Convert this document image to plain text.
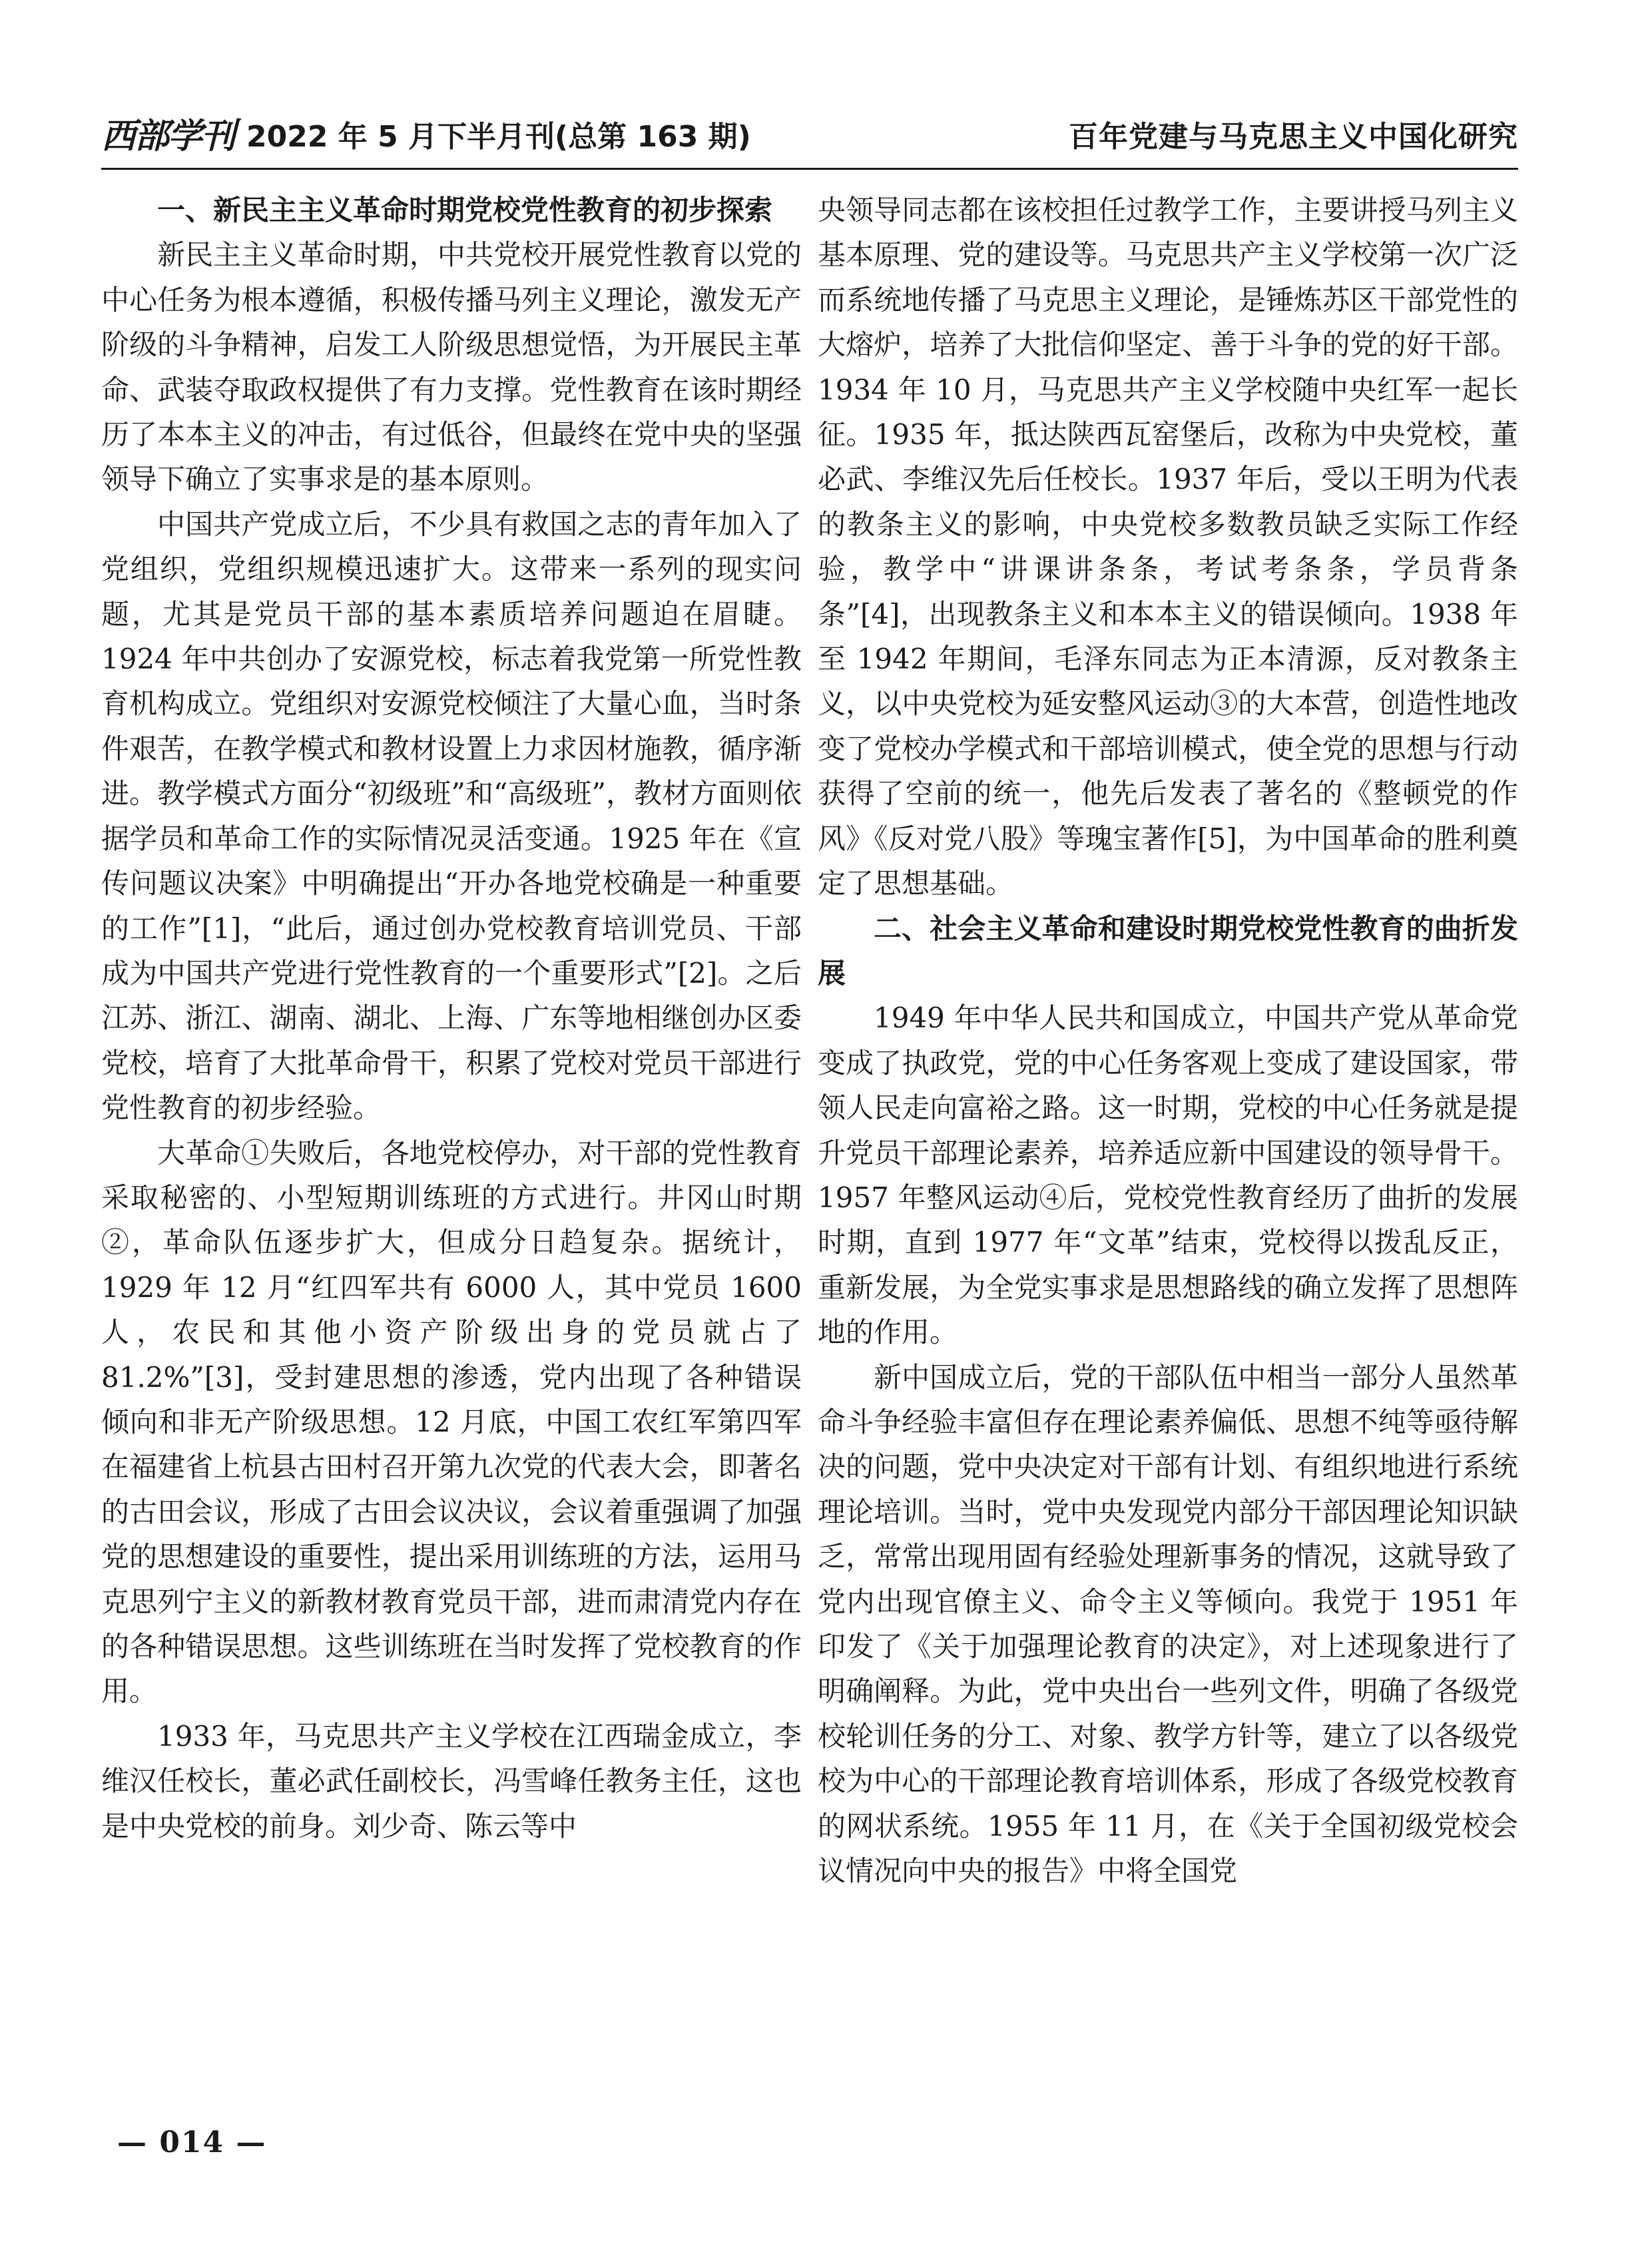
西部学刊 2022 年 5 月下半月刊(总第 163 期)	百年党建与马克思主义中国化研究
一、新民主主义革命时期党校党性教育的初步探索

新民主主义革命时期，中共党校开展党性教育以党的中心任务为根本遵循，积极传播马列主义理论，激发无产阶级的斗争精神，启发工人阶级思想觉悟，为开展民主革命、武装夺取政权提供了有力支撑。党性教育在该时期经历了本本主义的冲击，有过低谷，但最终在党中央的坚强领导下确立了实事求是的基本原则。

中国共产党成立后，不少具有救国之志的青年加入了党组织，党组织规模迅速扩大。这带来一系列的现实问题，尤其是党员干部的基本素质培养问题迫在眉睫。1924 年中共创办了安源党校，标志着我党第一所党性教育机构成立。党组织对安源党校倾注了大量心血，当时条件艰苦，在教学模式和教材设置上力求因材施教，循序渐进。教学模式方面分“初级班”和“高级班”，教材方面则依据学员和革命工作的实际情况灵活变通。1925 年在《宣传问题议决案》中明确提出“开办各地党校确是一种重要的工作”[1]，“此后，通过创办党校教育培训党员、干部成为中国共产党进行党性教育的一个重要形式”[2]。之后江苏、浙江、湖南、湖北、上海、广东等地相继创办区委党校，培育了大批革命骨干，积累了党校对党员干部进行党性教育的初步经验。

大革命①失败后，各地党校停办，对干部的党性教育采取秘密的、小型短期训练班的方式进行。井冈山时期②，革命队伍逐步扩大，但成分日趋复杂。据统计，1929 年 12 月“红四军共有 6000 人，其中党员 1600 人，农民和其他小资产阶级出身的党员就占了 81.2%”[3]，受封建思想的渗透，党内出现了各种错误倾向和非无产阶级思想。12 月底，中国工农红军第四军在福建省上杭县古田村召开第九次党的代表大会，即著名的古田会议，形成了古田会议决议，会议着重强调了加强党的思想建设的重要性，提出采用训练班的方法，运用马克思列宁主义的新教材教育党员干部，进而肃清党内存在的各种错误思想。这些训练班在当时发挥了党校教育的作用。

1933 年，马克思共产主义学校在江西瑞金成立，李维汉任校长，董必武任副校长，冯雪峰任教务主任，这也是中央党校的前身。刘少奇、陈云等中

央领导同志都在该校担任过教学工作，主要讲授马列主义基本原理、党的建设等。马克思共产主义学校第一次广泛而系统地传播了马克思主义理论，是锤炼苏区干部党性的大熔炉，培养了大批信仰坚定、善于斗争的党的好干部。1934 年 10 月，马克思共产主义学校随中央红军一起长征。1935 年，抵达陕西瓦窑堡后，改称为中央党校，董必武、李维汉先后任校长。1937 年后，受以王明为代表的教条主义的影响，中央党校多数教员缺乏实际工作经验，教学中“讲课讲条条，考试考条条，学员背条条”[4]，出现教条主义和本本主义的错误倾向。1938 年至 1942 年期间，毛泽东同志为正本清源，反对教条主义，以中央党校为延安整风运动③的大本营，创造性地改变了党校办学模式和干部培训模式，使全党的思想与行动获得了空前的统一，他先后发表了著名的《整顿党的作风》《反对党八股》等瑰宝著作[5]，为中国革命的胜利奠定了思想基础。

二、社会主义革命和建设时期党校党性教育的曲折发展

1949 年中华人民共和国成立，中国共产党从革命党变成了执政党，党的中心任务客观上变成了建设国家，带领人民走向富裕之路。这一时期，党校的中心任务就是提升党员干部理论素养，培养适应新中国建设的领导骨干。1957 年整风运动④后，党校党性教育经历了曲折的发展时期，直到 1977 年“文革”结束，党校得以拨乱反正，重新发展，为全党实事求是思想路线的确立发挥了思想阵地的作用。

新中国成立后，党的干部队伍中相当一部分人虽然革命斗争经验丰富但存在理论素养偏低、思想不纯等亟待解决的问题，党中央决定对干部有计划、有组织地进行系统理论培训。当时，党中央发现党内部分干部因理论知识缺乏，常常出现用固有经验处理新事务的情况，这就导致了党内出现官僚主义、命令主义等倾向。我党于 1951 年印发了《关于加强理论教育的决定》，对上述现象进行了明确阐释。为此，党中央出台一些列文件，明确了各级党校轮训任务的分工、对象、教学方针等，建立了以各级党校为中心的干部理论教育培训体系，形成了各级党校教育的网状系统。1955 年 11 月，在《关于全国初级党校会议情况向中央的报告》中将全国党

— 014 —
